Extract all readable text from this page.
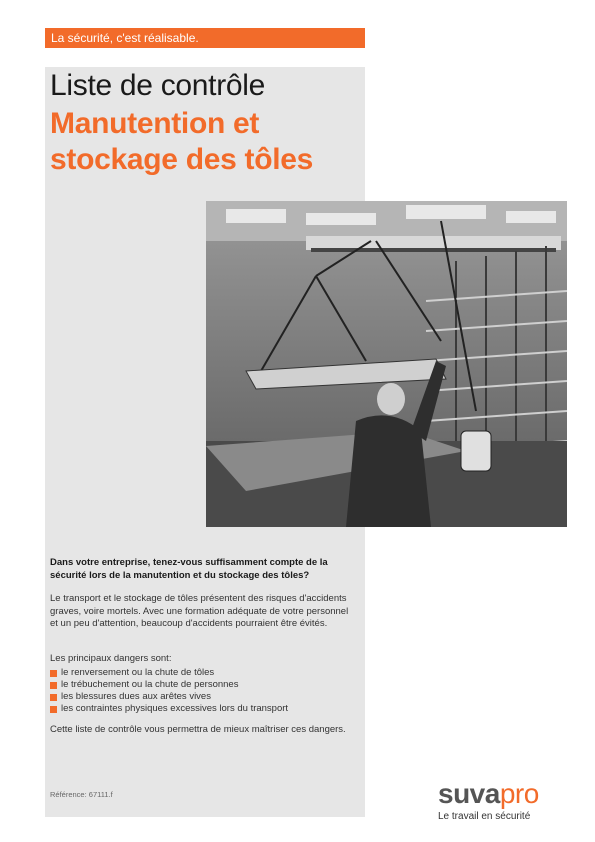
La sécurité, c'est réalisable.
Liste de contrôle
Manutention et stockage des tôles

Dans votre entreprise, tenez-vous suffisamment compte de la sécurité lors de la manutention et du stockage des tôles?

Le transport et le stockage de tôles présentent des risques d'accidents graves, voire mortels. Avec une formation adéquate de votre personnel et un peu d'attention, beaucoup d'accidents pourraient être évités.

Les principaux dangers sont:

le renversement ou la chute de tôles
le trébuchement ou la chute de personnes
les blessures dues aux arêtes vives
les contraintes physiques excessives lors du transport

Cette liste de contrôle vous permettra de mieux maîtriser ces dangers.

Référence: 67111.f	suvapro
Le travail en sécurité
